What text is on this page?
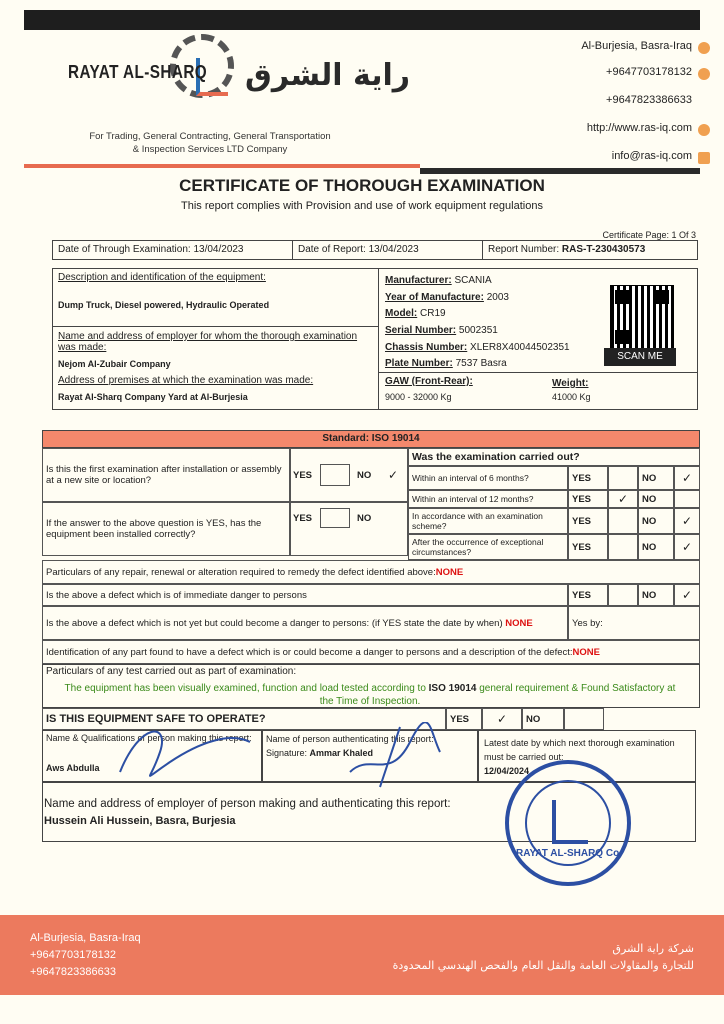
RAYAT AL-SHARQ راية الشرق
For Trading, General Contracting, General Transportation
& Inspection Services LTD Company
Al-Burjesia, Basra-Iraq
+9647703178132
+9647823386633
http://www.ras-iq.com
info@ras-iq.com
CERTIFICATE OF THOROUGH EXAMINATION
This report complies with Provision and use of work equipment regulations
Certificate Page: 1 Of 3
Date of Through Examination: 13/04/2023	Date of Report: 13/04/2023	Report Number: RAS-T-230430573
Description and identification of the equipment:
Dump Truck, Diesel powered, Hydraulic Operated
Name and address of employer for whom the thorough examination was made:
Nejom Al-Zubair Company
Address of premises at which the examination was made:
Rayat Al-Sharq Company Yard at Al-Burjesia
Manufacturer: SCANIA
Year of Manufacture: 2003
Model: CR19
Serial Number: 5002351
Chassis Number: XLER8X40044502351
Plate Number: 7537 Basra
GAW (Front-Rear):
9000 - 32000 Kg
Weight:
41000 Kg
SCAN ME
Standard: ISO 19014
Is this the first examination after installation or assembly at a new site or location?	YES	NO	✓
If the answer to the above question is YES, has the equipment been installed correctly?
YES	NO
Was the examination carried out?
Within an interval of 6 months?	YES	NO	✓
Within an interval of 12 months?	YES	✓	NO
In accordance with an examination scheme?	YES	NO	✓
After the occurrence of exceptional circumstances?	YES	NO	✓
Particulars of any repair, renewal or alteration required to remedy the defect identified above: NONE
Is the above a defect which is of immediate danger to persons	YES	NO	✓
Is the above a defect which is not yet but could become a danger to persons: (if YES state the date by when) NONE	Yes by:
Identification of any part found to have a defect which is or could become a danger to persons and a description of the defect: NONE
Particulars of any test carried out as part of examination:
The equipment has been visually examined, function and load tested according to ISO 19014 general requirement & Found Satisfactory at the Time of Inspection.
IS THIS EQUIPMENT SAFE TO OPERATE?	YES	✓	NO
Name & Qualifications of person making this report:
Aws Abdulla
Name of person authenticating this report:
Signature: Ammar Khaled
Latest date by which next thorough examination must be carried out:
12/04/2024
Name and address of employer of person making and authenticating this report:
Hussein Ali Hussein, Basra, Burjesia
RAYAT AL-SHARQ Co.
Al-Burjesia, Basra-Iraq
+9647703178132
+9647823386633
شركة راية الشرق
للتجارة والمقاولات العامة والنقل العام والفحص الهندسي المحدودة
